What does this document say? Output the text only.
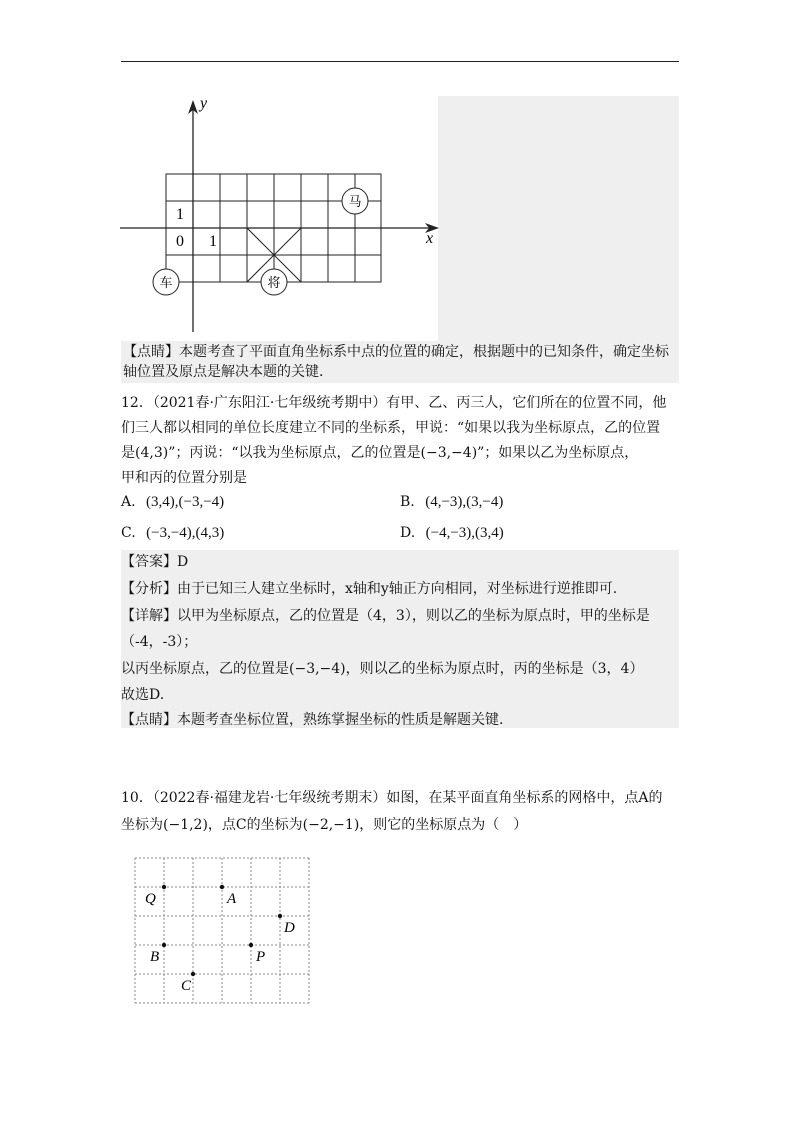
y
x
1
0 1
马
车	将
【点睛】本题考查了平面直角坐标系中点的位置的确定，根据题中的已知条件，确定坐标轴位置及原点是解决本题的关键.
12．（2021春·广东阳江·七年级统考期中）有甲、乙、丙三人，它们所在的位置不同，他
们三人都以相同的单位长度建立不同的坐标系，甲说：“如果以我为坐标原点，乙的位置
是(4,3)”；丙说：“以我为坐标原点，乙的位置是(−3,−4)”；如果以乙为坐标原点，
甲和丙的位置分别是
A. (3,4),(−3,−4)	B. (4,−3),(3,−4)
C. (−3,−4),(4,3)	D. (−4,−3),(3,4)
【答案】D
【分析】由于已知三人建立坐标时，x轴和y轴正方向相同，对坐标进行逆推即可.
【详解】以甲为坐标原点，乙的位置是（4，3），则以乙的坐标为原点时，甲的坐标是
（-4，-3）；
以丙坐标原点，乙的位置是(−3,−4)，则以乙的坐标为原点时，丙的坐标是（3，4）
故选D.
【点睛】本题考查坐标位置，熟练掌握坐标的性质是解题关键.
10．（2022春·福建龙岩·七年级统考期末）如图，在某平面直角坐标系的网格中，点A的
坐标为(−1,2)，点C的坐标为(−2,−1)，则它的坐标原点为（　）
Q	A
D
B	P
C
